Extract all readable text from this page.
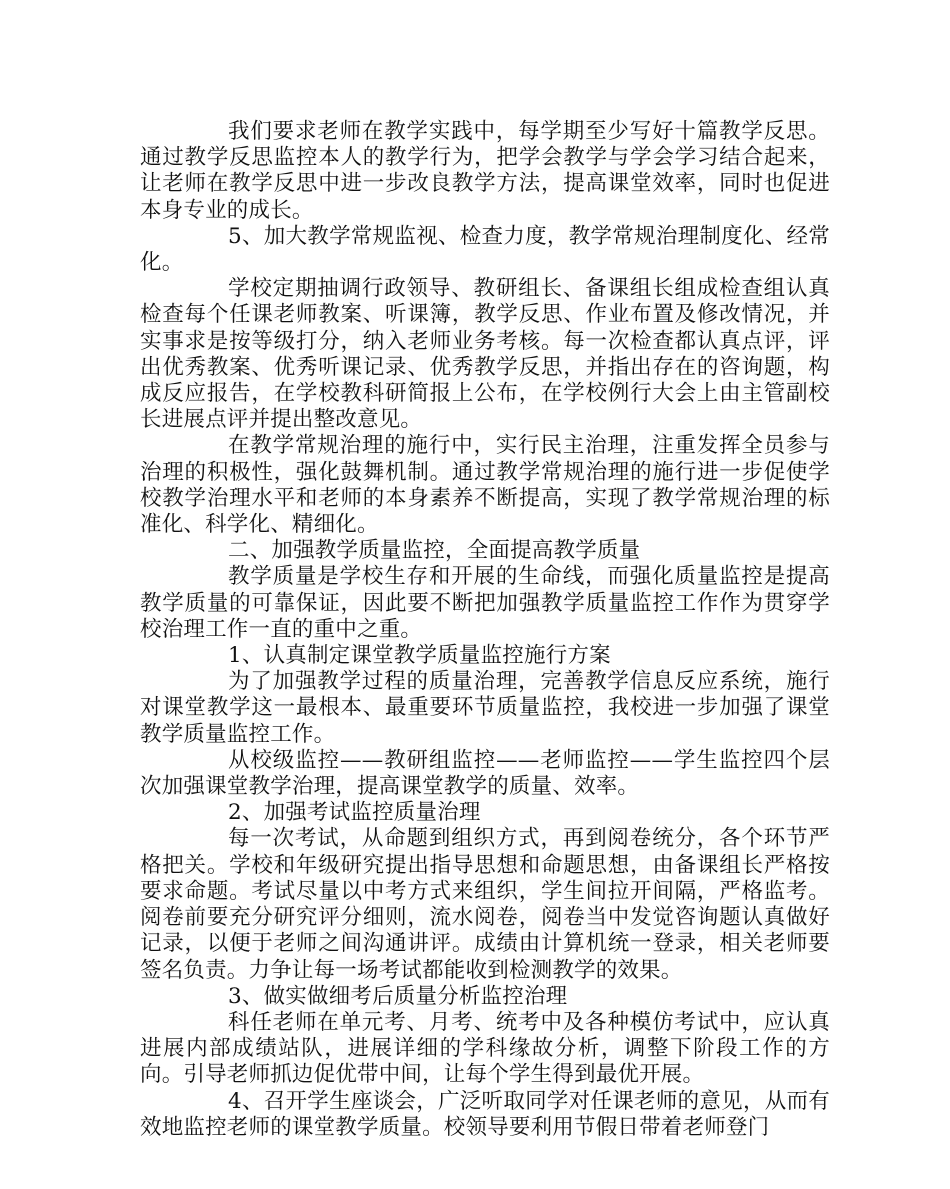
我们要求老师在教学实践中，每学期至少写好十篇教学反思。通过教学反思监控本人的教学行为，把学会教学与学会学习结合起来，让老师在教学反思中进一步改良教学方法，提高课堂效率，同时也促进本身专业的成长。

5、加大教学常规监视、检查力度，教学常规治理制度化、经常化。

学校定期抽调行政领导、教研组长、备课组长组成检查组认真检查每个任课老师教案、听课簿，教学反思、作业布置及修改情况，并实事求是按等级打分，纳入老师业务考核。每一次检查都认真点评，评出优秀教案、优秀听课记录、优秀教学反思，并指出存在的咨询题，构成反应报告，在学校教科研简报上公布，在学校例行大会上由主管副校长进展点评并提出整改意见。

在教学常规治理的施行中，实行民主治理，注重发挥全员参与治理的积极性，强化鼓舞机制。通过教学常规治理的施行进一步促使学校教学治理水平和老师的本身素养不断提高，实现了教学常规治理的标准化、科学化、精细化。

二、加强教学质量监控，全面提高教学质量

教学质量是学校生存和开展的生命线，而强化质量监控是提高教学质量的可靠保证，因此要不断把加强教学质量监控工作作为贯穿学校治理工作一直的重中之重。

1、认真制定课堂教学质量监控施行方案

为了加强教学过程的质量治理，完善教学信息反应系统，施行对课堂教学这一最根本、最重要环节质量监控，我校进一步加强了课堂教学质量监控工作。

从校级监控——教研组监控——老师监控——学生监控四个层次加强课堂教学治理，提高课堂教学的质量、效率。

2、加强考试监控质量治理

每一次考试，从命题到组织方式，再到阅卷统分，各个环节严格把关。学校和年级研究提出指导思想和命题思想，由备课组长严格按要求命题。考试尽量以中考方式来组织，学生间拉开间隔，严格监考。阅卷前要充分研究评分细则，流水阅卷，阅卷当中发觉咨询题认真做好记录，以便于老师之间沟通讲评。成绩由计算机统一登录，相关老师要签名负责。力争让每一场考试都能收到检测教学的效果。

3、做实做细考后质量分析监控治理

科任老师在单元考、月考、统考中及各种模仿考试中，应认真进展内部成绩站队，进展详细的学科缘故分析，调整下阶段工作的方向。引导老师抓边促优带中间，让每个学生得到最优开展。

4、召开学生座谈会，广泛听取同学对任课老师的意见，从而有效地监控老师的课堂教学质量。校领导要利用节假日带着老师登门
